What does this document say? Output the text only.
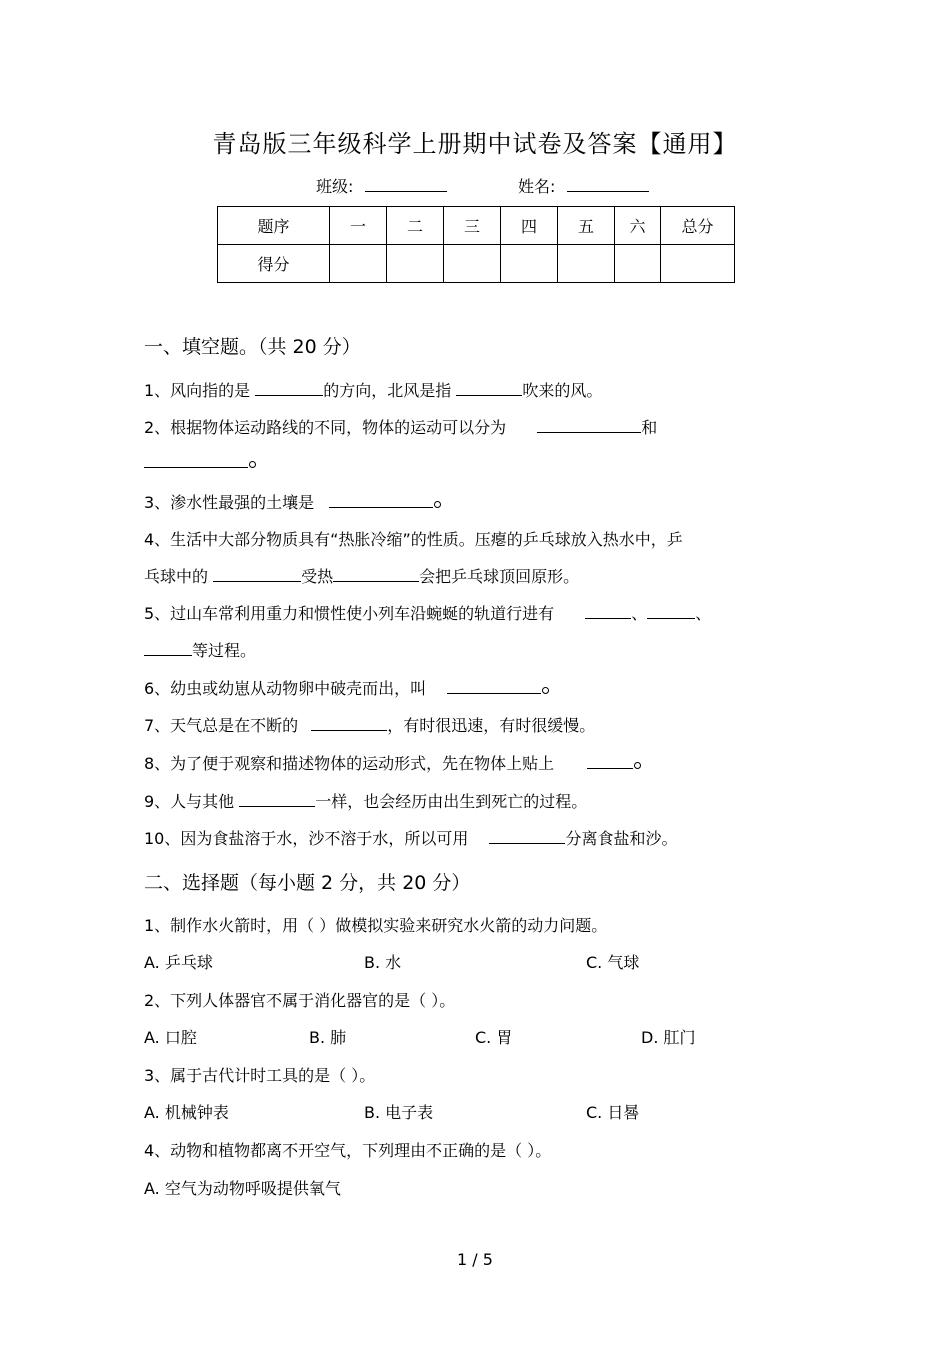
青岛版三年级科学上册期中试卷及答案【通用】
班级:	姓名:
题序	一	二	三	四	五	六	总分
得分							
一、填空题。（共 20 分）
1、风向指的是	的方向，北风是指	吹来的风。
2、根据物体运动路线的不同，物体的运动可以分为	和
3、渗水性最强的土壤是
4、生活中大部分物质具有“热胀冷缩”的性质。压瘪的乒乓球放入热水中，乒
乓球中的	受热	会把乒乓球顶回原形。
5、过山车常利用重力和惯性使小列车沿蜿蜒的轨道行进有	、	、
等过程。
6、幼虫或幼崽从动物卵中破壳而出，叫
7、天气总是在不断的	，有时很迅速，有时很缓慢。
8、为了便于观察和描述物体的运动形式，先在物体上贴上
9、人与其他	一样，也会经历由出生到死亡的过程。
10、因为食盐溶于水，沙不溶于水，所以可用	分离食盐和沙。
二、选择题（每小题 2 分，共 20 分）
1、制作水火箭时，用（ ）做模拟实验来研究水火箭的动力问题。
A. 乒乓球	B. 水	C. 气球
2、下列人体器官不属于消化器官的是（ ）。
A. 口腔	B. 肺	C. 胃	D. 肛门
3、属于古代计时工具的是（ ）。
A. 机械钟表	B. 电子表	C. 日晷
4、动物和植物都离不开空气，下列理由不正确的是（ ）。
A. 空气为动物呼吸提供氧气
1 / 5
